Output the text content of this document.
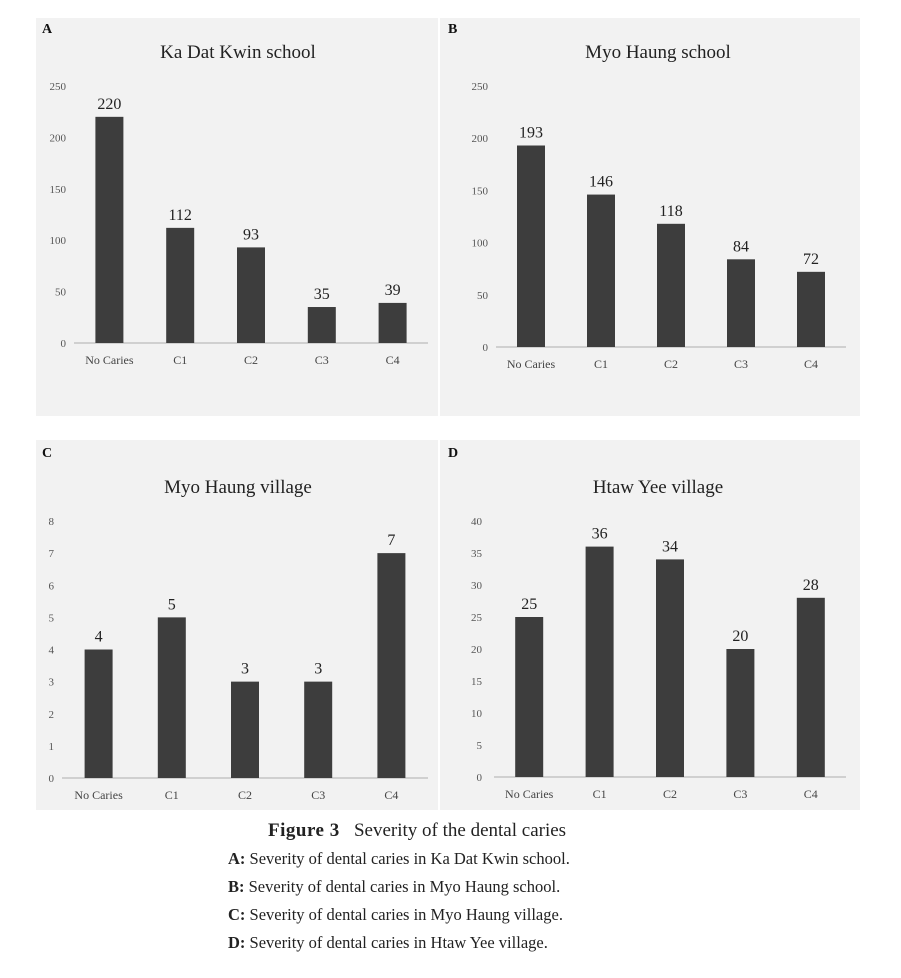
A	B
C	D
Ka Dat Kwin school
0
50
100
150
200
250
220
No Caries
112
C1
93
C2
35
C3
39
C4
Myo Haung school
0
50
100
150
200
250
193
No Caries
146
C1
118
C2
84
C3
72
C4
Myo Haung village
0
1
2
3
4
5
6
7
8
4
No Caries
5
C1
3
C2
3
C3
7
C4
Htaw Yee village
0
5
10
15
20
25
30
35
40
25
No Caries
36
C1
34
C2
20
C3
28
C4
Figure 3 Severity of the dental caries
A: Severity of dental caries in Ka Dat Kwin school.
B: Severity of dental caries in Myo Haung school.
C: Severity of dental caries in Myo Haung village.
D: Severity of dental caries in Htaw Yee village.
